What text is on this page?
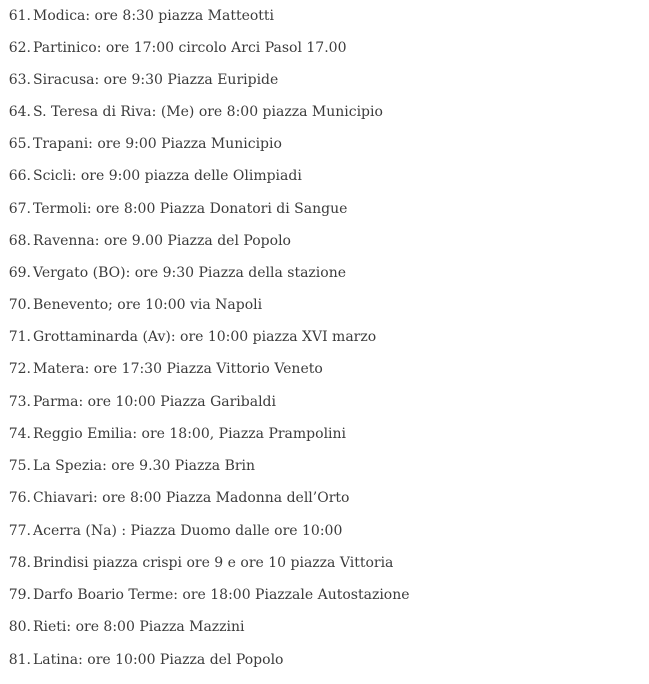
61. Modica: ore 8:30 piazza Matteotti
62. Partinico: ore 17:00 circolo Arci Pasol 17.00
63. Siracusa: ore 9:30 Piazza Euripide
64. S. Teresa di Riva: (Me) ore 8:00 piazza Municipio
65. Trapani: ore 9:00 Piazza Municipio
66. Scicli: ore 9:00 piazza delle Olimpiadi
67. Termoli: ore 8:00 Piazza Donatori di Sangue
68. Ravenna: ore 9.00 Piazza del Popolo
69. Vergato (BO): ore 9:30 Piazza della stazione
70. Benevento; ore 10:00 via Napoli
71. Grottaminarda (Av): ore 10:00 piazza XVI marzo
72. Matera: ore 17:30 Piazza Vittorio Veneto
73. Parma: ore 10:00 Piazza Garibaldi
74. Reggio Emilia: ore 18:00, Piazza Prampolini
75. La Spezia: ore 9.30 Piazza Brin
76. Chiavari: ore 8:00 Piazza Madonna dell’Orto
77. Acerra (Na) : Piazza Duomo dalle ore 10:00
78. Brindisi piazza crispi ore 9 e ore 10 piazza Vittoria
79. Darfo Boario Terme: ore 18:00 Piazzale Autostazione
80. Rieti: ore 8:00 Piazza Mazzini
81. Latina: ore 10:00 Piazza del Popolo
